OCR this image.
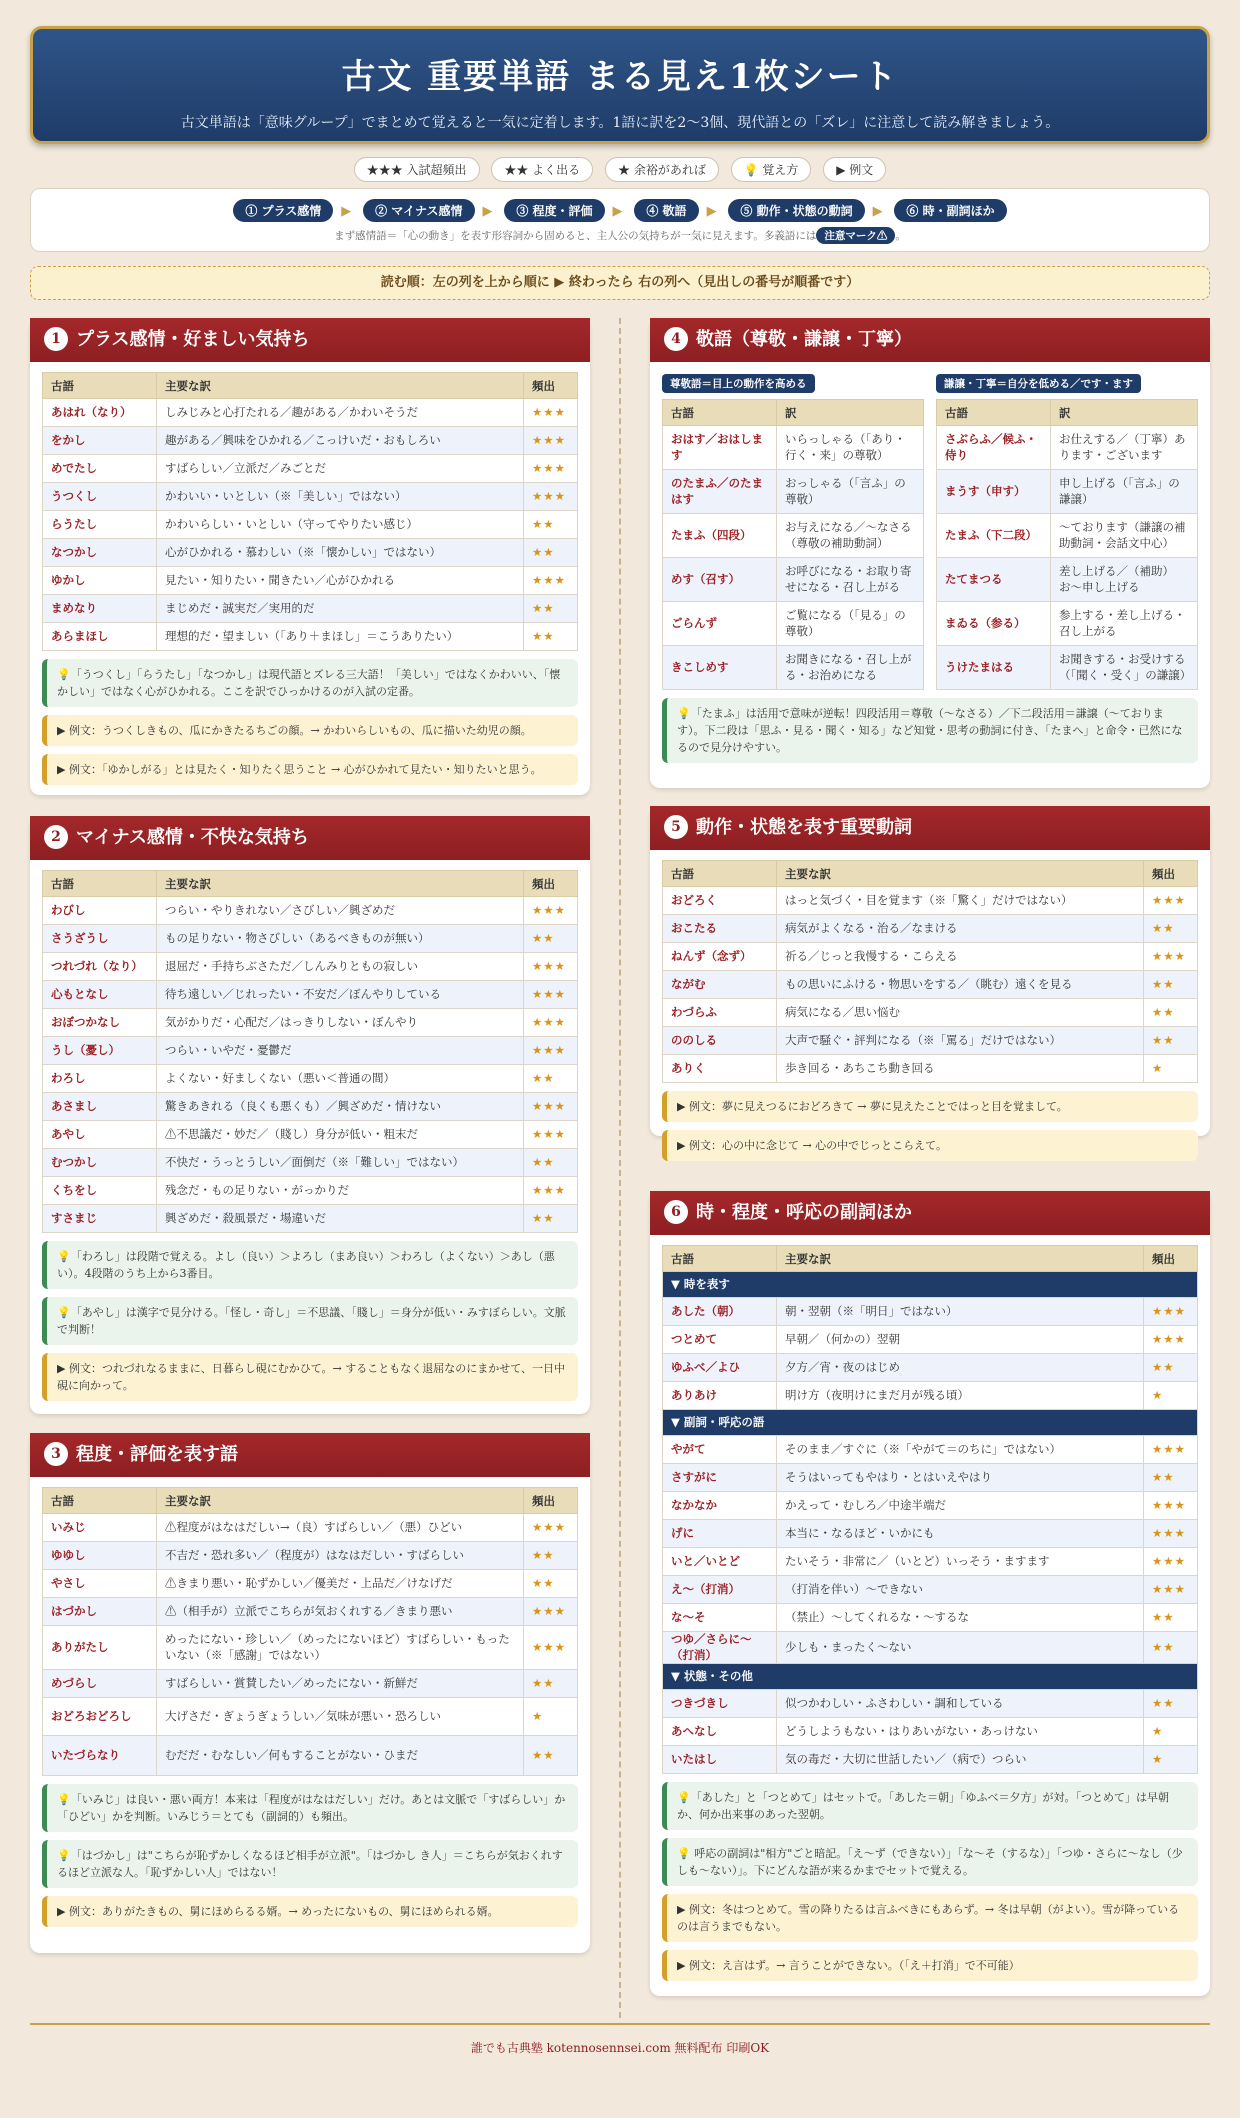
古文 重要単語 まる見え1枚シート

古文単語は「意味グループ」でまとめて覚えると一気に定着します。1語に訳を2〜3個、現代語との「ズレ」に注意して読み解きましょう。

★★★ 入試超頻出	★★ よく出る	★ 余裕があれば	💡 覚え方	▶ 例文
① プラス感情 ▶ ② マイナス感情 ▶ ③ 程度・評価 ▶ ④ 敬語 ▶ ⑤ 動作・状態の動詞 ▶ ⑥ 時・副詞ほか
まず感情語＝「心の動き」を表す形容詞から固めると、主人公の気持ちが一気に見えます。多義語には 注意マーク⚠ 。
読む順：左の列を上から順に ▶ 終わったら 右の列へ（見出しの番号が順番です）
1 プラス感情・好ましい気持ち
古語	主要な訳	頻出
あはれ（なり）	しみじみと心打たれる／趣がある／かわいそうだ	★★★
をかし	趣がある／興味をひかれる／こっけいだ・おもしろい	★★★
めでたし	すばらしい／立派だ／みごとだ	★★★
うつくし	かわいい・いとしい（※「美しい」ではない）	★★★
らうたし	かわいらしい・いとしい（守ってやりたい感じ）	★★
なつかし	心がひかれる・慕わしい（※「懐かしい」ではない）	★★
ゆかし	見たい・知りたい・聞きたい／心がひかれる	★★★
まめなり	まじめだ・誠実だ／実用的だ	★★
あらまほし	理想的だ・望ましい（「あり＋まほし」＝こうありたい）	★★
💡「うつくし」「らうたし」「なつかし」は現代語とズレる三大語！「美しい」ではなくかわいい、「懐かしい」ではなく心がひかれる。ここを訳でひっかけるのが入試の定番。
▶ 例文：うつくしきもの、瓜にかきたるちごの顔。→ かわいらしいもの、瓜に描いた幼児の顔。
▶ 例文：「ゆかしがる」とは見たく・知りたく思うこと → 心がひかれて見たい・知りたいと思う。
2 マイナス感情・不快な気持ち
古語	主要な訳	頻出
わびし	つらい・やりきれない／さびしい／興ざめだ	★★★
さうざうし	もの足りない・物さびしい（あるべきものが無い）	★★
つれづれ（なり）	退屈だ・手持ちぶさただ／しんみりともの寂しい	★★★
心もとなし	待ち遠しい／じれったい・不安だ／ぼんやりしている	★★★
おぼつかなし	気がかりだ・心配だ／はっきりしない・ぼんやり	★★★
うし（憂し）	つらい・いやだ・憂鬱だ	★★★
わろし	よくない・好ましくない（悪い＜普通の間）	★★
あさまし	驚きあきれる（良くも悪くも）／興ざめだ・情けない	★★★
あやし	⚠不思議だ・妙だ／（賤し）身分が低い・粗末だ	★★★
むつかし	不快だ・うっとうしい／面倒だ（※「難しい」ではない）	★★
くちをし	残念だ・もの足りない・がっかりだ	★★★
すさまじ	興ざめだ・殺風景だ・場違いだ	★★
💡「わろし」は段階で覚える。よし（良い）＞よろし（まあ良い）＞わろし（よくない）＞あし（悪い）。4段階のうち上から3番目。
💡「あやし」は漢字で見分ける。「怪し・奇し」＝不思議、「賤し」＝身分が低い・みすぼらしい。文脈で判断！
▶ 例文：つれづれなるままに、日暮らし硯にむかひて。→ することもなく退屈なのにまかせて、一日中硯に向かって。
3 程度・評価を表す語
古語	主要な訳	頻出
いみじ	⚠程度がはなはだしい→（良）すばらしい／（悪）ひどい	★★★
ゆゆし	不吉だ・恐れ多い／（程度が）はなはだしい・すばらしい	★★
やさし	⚠きまり悪い・恥ずかしい／優美だ・上品だ／けなげだ	★★
はづかし	⚠（相手が）立派でこちらが気おくれする／きまり悪い	★★★
ありがたし	めったにない・珍しい／（めったにないほど）すばらしい・もったいない（※「感謝」ではない）	★★★
めづらし	すばらしい・賞賛したい／めったにない・新鮮だ	★★
おどろおどろし	大げさだ・ぎょうぎょうしい／気味が悪い・恐ろしい	★
いたづらなり	むだだ・むなしい／何もすることがない・ひまだ	★★
💡「いみじ」は良い・悪い両方！本来は「程度がはなはだしい」だけ。あとは文脈で「すばらしい」か「ひどい」かを判断。いみじう＝とても（副詞的）も頻出。
💡「はづかし」は"こちらが恥ずかしくなるほど相手が立派"。「はづかし き人」＝こちらが気おくれするほど立派な人。「恥ずかしい人」ではない！
▶ 例文：ありがたきもの、舅にほめらるる婿。→ めったにないもの、舅にほめられる婿。
4 敬語（尊敬・謙譲・丁寧）
尊敬語＝目上の動作を高める
古語	訳
おはす／おはします	いらっしゃる（「あり・行く・来」の尊敬）
のたまふ／のたまはす	おっしゃる（「言ふ」の尊敬）
たまふ（四段）	お与えになる／〜なさる（尊敬の補助動詞）
めす（召す）	お呼びになる・お取り寄せになる・召し上がる
ごらんず	ご覧になる（「見る」の尊敬）
きこしめす	お聞きになる・召し上がる・お治めになる
謙譲・丁寧＝自分を低める／です・ます
古語	訳
さぶらふ／候ふ・侍り	お仕えする／（丁寧）あります・ございます
まうす（申す）	申し上げる（「言ふ」の謙譲）
たまふ（下二段）	〜ております（謙譲の補助動詞・会話文中心）
たてまつる	差し上げる／（補助）お〜申し上げる
まゐる（参る）	参上する・差し上げる・召し上がる
うけたまはる	お聞きする・お受けする（「聞く・受く」の謙譲）
💡「たまふ」は活用で意味が逆転！四段活用＝尊敬（〜なさる）／下二段活用＝謙譲（〜ております）。下二段は「思ふ・見る・聞く・知る」など知覚・思考の動詞に付き、「たまへ」と命令・已然になるので見分けやすい。
5 動作・状態を表す重要動詞
古語	主要な訳	頻出
おどろく	はっと気づく・目を覚ます（※「驚く」だけではない）	★★★
おこたる	病気がよくなる・治る／なまける	★★
ねんず（念ず）	祈る／じっと我慢する・こらえる	★★★
ながむ	もの思いにふける・物思いをする／（眺む）遠くを見る	★★
わづらふ	病気になる／思い悩む	★★
ののしる	大声で騒ぐ・評判になる（※「罵る」だけではない）	★★
ありく	歩き回る・あちこち動き回る	★
▶ 例文：夢に見えつるにおどろきて → 夢に見えたことではっと目を覚まして。
▶ 例文：心の中に念じて → 心の中でじっとこらえて。
6 時・程度・呼応の副詞ほか
古語	主要な訳	頻出
▼ 時を表す		
あした（朝）	朝・翌朝（※「明日」ではない）	★★★
つとめて	早朝／（何かの）翌朝	★★★
ゆふべ／よひ	夕方／宵・夜のはじめ	★★
ありあけ	明け方（夜明けにまだ月が残る頃）	★
▼ 副詞・呼応の語		
やがて	そのまま／すぐに（※「やがて＝のちに」ではない）	★★★
さすがに	そうはいってもやはり・とはいえやはり	★★
なかなか	かえって・むしろ／中途半端だ	★★★
げに	本当に・なるほど・いかにも	★★★
いと／いとど	たいそう・非常に／（いとど）いっそう・ますます	★★★
え〜（打消）	（打消を伴い）〜できない	★★★
な〜そ	（禁止）〜してくれるな・〜するな	★★
つゆ／さらに〜（打消）	少しも・まったく〜ない	★★
▼ 状態・その他		
つきづきし	似つかわしい・ふさわしい・調和している	★★
あへなし	どうしようもない・はりあいがない・あっけない	★
いたはし	気の毒だ・大切に世話したい／（病で）つらい	★
💡「あした」と「つとめて」はセットで。「あした＝朝」「ゆふべ＝夕方」が対。「つとめて」は早朝か、何か出来事のあった翌朝。
💡 呼応の副詞は"相方"ごと暗記。「え〜ず（できない）」「な〜そ（するな）」「つゆ・さらに〜なし（少しも〜ない）」。下にどんな語が来るかまでセットで覚える。
▶ 例文：冬はつとめて。雪の降りたるは言ふべきにもあらず。→ 冬は早朝（がよい）。雪が降っているのは言うまでもない。
▶ 例文：え言はず。→ 言うことができない。（「え＋打消」で不可能）
誰でも古典塾 kotennosennsei.com 無料配布 印刷OK
